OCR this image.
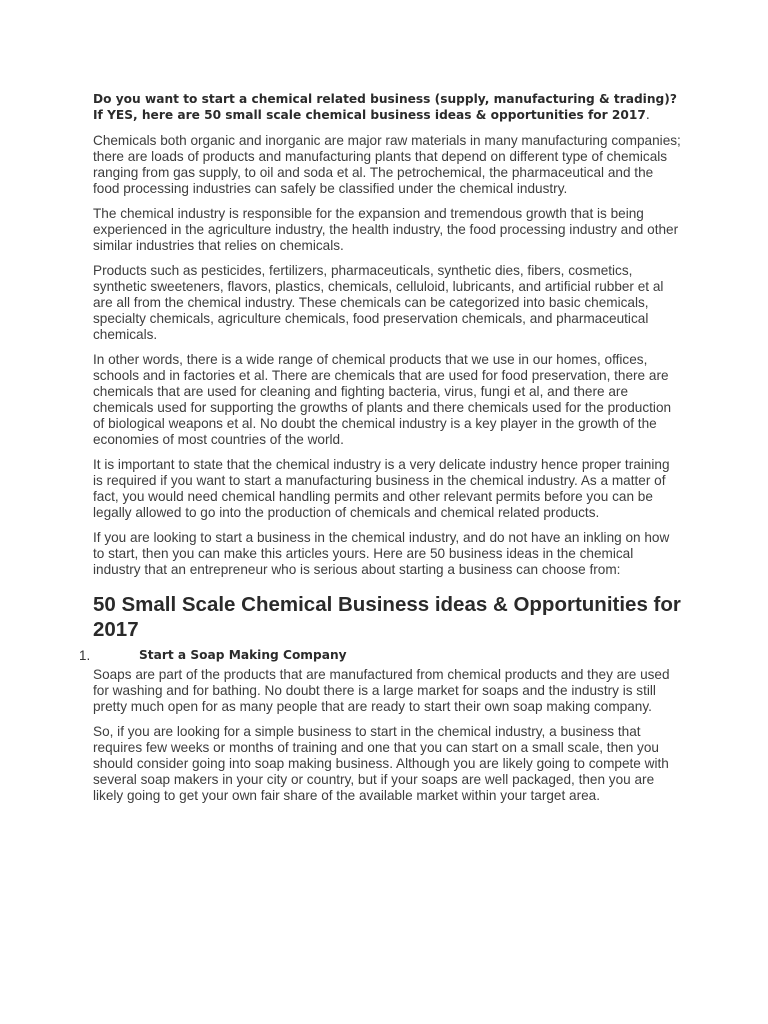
Do you want to start a chemical related business (supply, manufacturing & trading)? If YES, here are 50 small scale chemical business ideas & opportunities for 2017.

Chemicals both organic and inorganic are major raw materials in many manufacturing companies; there are loads of products and manufacturing plants that depend on different type of chemicals ranging from gas supply, to oil and soda et al. The petrochemical, the pharmaceutical and the food processing industries can safely be classified under the chemical industry.

The chemical industry is responsible for the expansion and tremendous growth that is being experienced in the agriculture industry, the health industry, the food processing industry and other similar industries that relies on chemicals.

Products such as pesticides, fertilizers, pharmaceuticals, synthetic dies, fibers, cosmetics, synthetic sweeteners, flavors, plastics, chemicals, celluloid, lubricants, and artificial rubber et al are all from the chemical industry. These chemicals can be categorized into basic chemicals, specialty chemicals, agriculture chemicals, food preservation chemicals, and pharmaceutical chemicals.

In other words, there is a wide range of chemical products that we use in our homes, offices, schools and in factories et al. There are chemicals that are used for food preservation, there are chemicals that are used for cleaning and fighting bacteria, virus, fungi et al, and there are chemicals used for supporting the growths of plants and there chemicals used for the production of biological weapons et al. No doubt the chemical industry is a key player in the growth of the economies of most countries of the world.

It is important to state that the chemical industry is a very delicate industry hence proper training is required if you want to start a manufacturing business in the chemical industry. As a matter of fact, you would need chemical handling permits and other relevant permits before you can be legally allowed to go into the production of chemicals and chemical related products.

If you are looking to start a business in the chemical industry, and do not have an inkling on how to start, then you can make this articles yours. Here are 50 business ideas in the chemical industry that an entrepreneur who is serious about starting a business can choose from:

50 Small Scale Chemical Business ideas & Opportunities for 2017
1.	Start a Soap Making Company

Soaps are part of the products that are manufactured from chemical products and they are used for washing and for bathing. No doubt there is a large market for soaps and the industry is still pretty much open for as many people that are ready to start their own soap making company.

So, if you are looking for a simple business to start in the chemical industry, a business that requires few weeks or months of training and one that you can start on a small scale, then you should consider going into soap making business. Although you are likely going to compete with several soap makers in your city or country, but if your soaps are well packaged, then you are likely going to get your own fair share of the available market within your target area.
